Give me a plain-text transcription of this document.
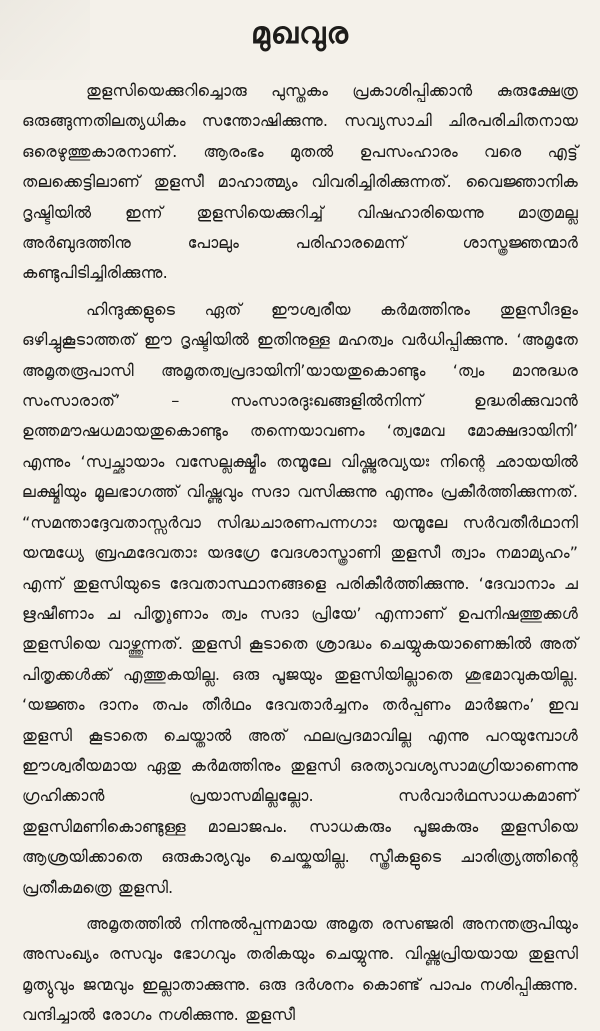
മുഖവുര

തുളസിയെക്കുറിച്ചൊരു പുസ്തകം പ്രകാശിപ്പിക്കാൻ കുരുക്ഷേത്ര ഒരുങ്ങുന്നതിലത്യധികം സന്തോഷിക്കുന്നു. സവ്യസാചി ചിരപരിചിതനായ ഒരെഴുത്തുകാരനാണ്. ആരംഭം മുതൽ ഉപസംഹാരം വരെ എട്ട് തലക്കെട്ടിലാണ് തുളസീ മാഹാത്മ്യം വിവരിച്ചിരിക്കുന്നത്. വൈജ്ഞാനിക ദൃഷ്ടിയിൽ ഇന്ന് തുളസിയെക്കുറിച്ച് വിഷഹാരിയെന്നു മാത്രമല്ല അർബുദത്തിനു പോലും പരിഹാരമെന്ന് ശാസ്ത്രജ്ഞന്മാർ കണ്ടുപിടിച്ചിരിക്കുന്നു.

ഹിന്ദുക്കളുടെ ഏത് ഈശ്വരീയ കർമത്തിനും തുളസീദളം ഒഴിച്ചുകൂടാത്തത് ഈ ദൃഷ്ടിയിൽ ഇതിനുള്ള മഹത്വം വർധിപ്പിക്കുന്നു. ‘അമൃതേ അമൃതരൂപാസി അമൃതത്വപ്രദായിനി’യായതുകൊണ്ടും ‘ത്വം മാനുദ്ധര സംസാരാത്’ – സംസാരദുഃഖങ്ങളിൽനിന്ന് ഉദ്ധരിക്കുവാൻ ഉത്തമൗഷധമായതുകൊണ്ടും തന്നെയാവണം ‘ത്വമേവ മോക്ഷദായിനി’ എന്നും ‘സ്വച്ഛായാം വസേല്ലക്ഷ്മീം തന്മൂലേ വിഷ്ണുരവ്യയഃ നിന്റെ ഛായയിൽ ലക്ഷ്മിയും മൂലഭാഗത്ത് വിഷ്ണുവും സദാ വസിക്കുന്നു എന്നും പ്രകീർത്തിക്കുന്നത്. “സമന്താദ്ദേവതാസ്സർവാ സിദ്ധചാരണപന്നഗാഃ യന്മൂലേ സർവതീർഥാനി യന്മധ്യേ ബ്രഹ്മദേവതാഃ യദഗ്രേ വേദശാസ്ത്രാണി തുളസീ ത്വാം നമാമ്യഹം” എന്ന് തുളസിയുടെ ദേവതാസ്ഥാനങ്ങളെ പരികീർത്തിക്കുന്നു. ‘ദേവാനാം ച ഋഷീണാം ച പിതൃൂണാം ത്വം സദാ പ്രിയേ’ എന്നാണ് ഉപനിഷത്തുക്കൾ തുളസിയെ വാഴ്ത്തുന്നത്. തുളസി കൂടാതെ ശ്രാദ്ധം ചെയ്യുകയാണെങ്കിൽ അത് പിതൃക്കൾക്ക് എത്തുകയില്ല. ഒരു പൂജയും തുളസിയില്ലാതെ ശുഭമാവുകയില്ല. ‘യജ്ഞം ദാനം തപം തീർഥം ദേവതാർച്ചനം തർപ്പണം മാർജനം’ ഇവ തുളസി കൂടാതെ ചെയ്താൽ അത് ഫലപ്രദമാവില്ല എന്നു പറയുമ്പോൾ ഈശ്വരീയമായ ഏതു കർമത്തിനും തുളസി ഒരത്യാവശ്യസാമഗ്രിയാണെന്നു ഗ്രഹിക്കാൻ പ്രയാസമില്ലല്ലോ. സർവാർഥസാധകമാണ് തുളസിമണികൊണ്ടുള്ള മാലാജപം. സാധകരും പൂജകരും തുളസിയെ ആശ്രയിക്കാതെ ഒരുകാര്യവും ചെയ്കയില്ല. സ്ത്രീകളുടെ ചാരിത്ര്യത്തിന്റെ പ്രതീകമത്രെ തുളസി.

അമൃതത്തിൽ നിന്നുൽപ്പന്നമായ അമൃത രസഞ്ജരി അനന്തരൂപിയും അസംഖ്യം രസവും ഭോഗവും തരികയും ചെയ്യുന്നു. വിഷ്ണുപ്രിയയായ തുളസി മൃത്യുവും ജന്മവും ഇല്ലാതാക്കുന്നു. ഒരു ദർശനം കൊണ്ട് പാപം നശിപ്പിക്കുന്നു. വന്ദിച്ചാൽ രോഗം നശിക്കുന്നു. തുളസീ
